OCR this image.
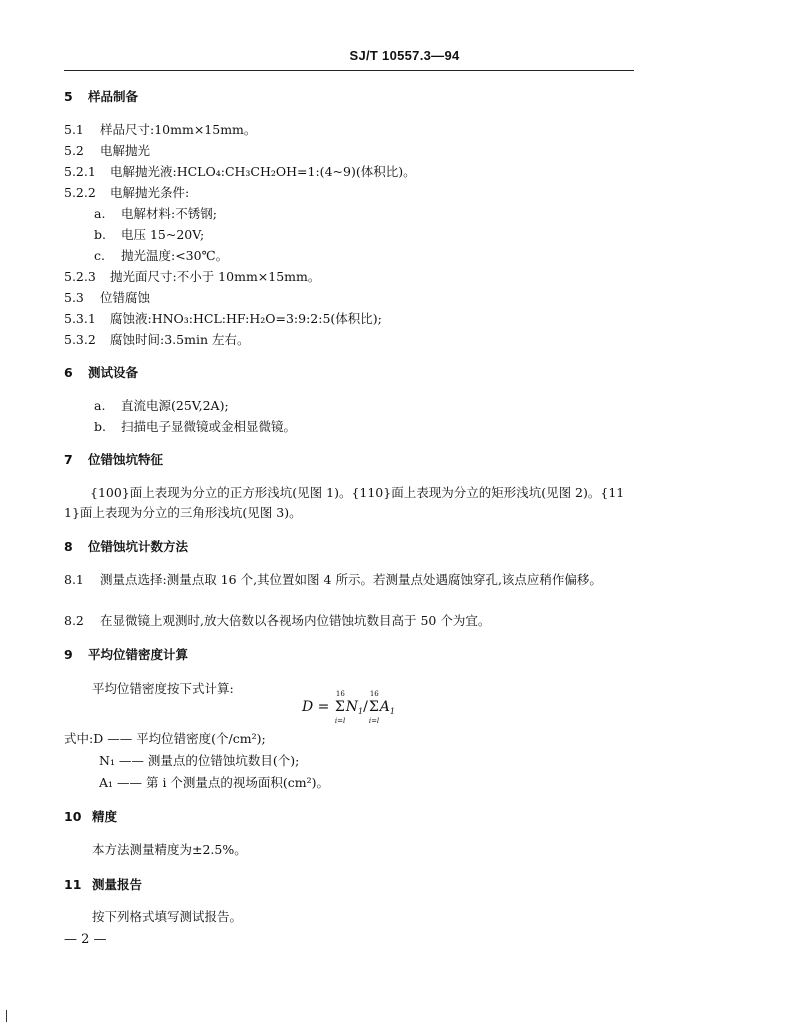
SJ/T 10557.3—94
5 样品制备
5.1 样品尺寸:10mm×15mm。
5.2 电解抛光
5.2.1 电解抛光液:HCLO₄:CH₃CH₂OH=1:(4~9)(体积比)。
5.2.2 电解抛光条件:
a. 电解材料:不锈钢;
b. 电压 15~20V;
c. 抛光温度:<30℃。
5.2.3 抛光面尺寸:不小于 10mm×15mm。
5.3 位错腐蚀
5.3.1 腐蚀液:HNO₃:HCL:HF:H₂O=3:9:2:5(体积比);
5.3.2 腐蚀时间:3.5min 左右。
6 测试设备
a. 直流电源(25V,2A);
b. 扫描电子显微镜或金相显微镜。
7 位错蚀坑特征
{100}面上表现为分立的正方形浅坑(见图 1)。{110}面上表现为分立的矩形浅坑(见图 2)。{111}面上表现为分立的三角形浅坑(见图 3)。
8 位错蚀坑计数方法
8.1 测量点选择:测量点取 16 个,其位置如图 4 所示。若测量点处遇腐蚀穿孔,该点应稍作偏移。
8.2 在显微镜上观测时,放大倍数以各视场内位错蚀坑数目高于 50 个为宜。
9 平均位错密度计算
平均位错密度按下式计算:
D =
16
Σ
i=l
$N_1/$
16
Σ
i=l
$A_1$
式中:D —— 平均位错密度(个/cm²);
N₁ —— 测量点的位错蚀坑数目(个);
A₁ —— 第 i 个测量点的视场面积(cm²)。
10 精度
本方法测量精度为±2.5%。
11 测量报告
按下列格式填写测试报告。
— 2 —
